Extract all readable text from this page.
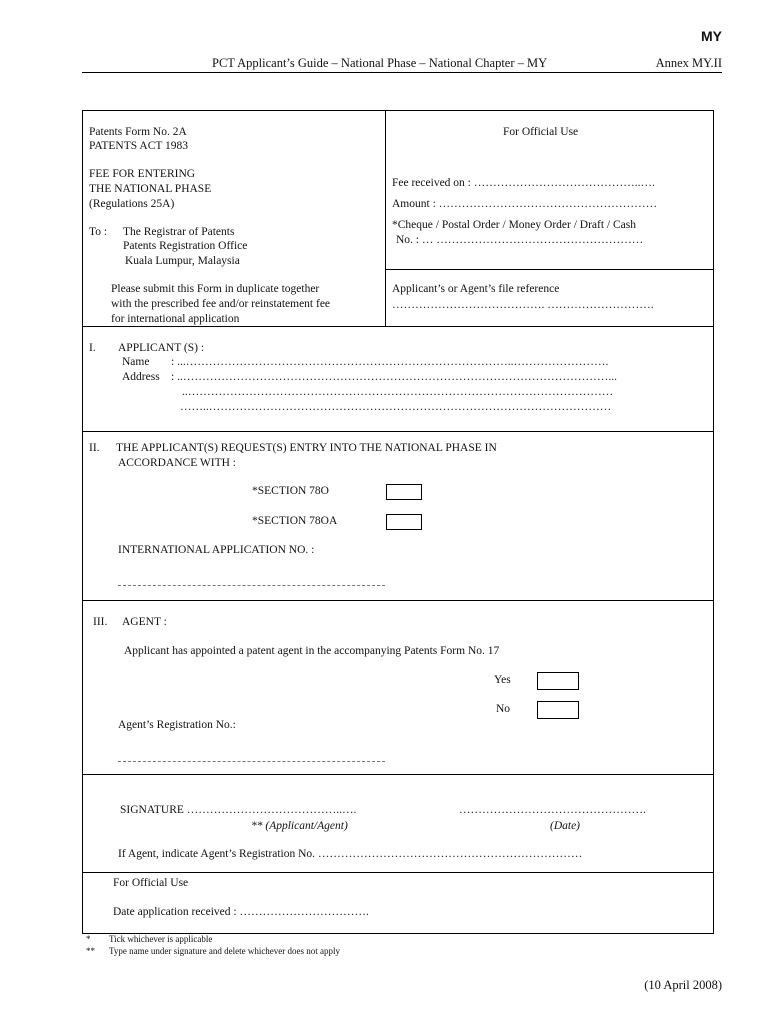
MY
PCT Applicant’s Guide – National Phase – National Chapter – MY	Annex MY.II
Patents Form No. 2A
PATENTS ACT 1983
FEE FOR ENTERING
THE NATIONAL PHASE
(Regulations 25A)
To : The Registrar of Patents
Patents Registration Office
Kuala Lumpur, Malaysia
For Official Use
Fee received on : ……………………………………..….
Amount : …………………………………………………
*Cheque / Postal Order / Money Order / Draft / Cash
No. : … ………………………………………………
Please submit this Form in duplicate together
with the prescribed fee and/or reinstatement fee
for international application
Applicant’s or Agent’s file reference
…………………………………. ……………………….
I. APPLICANT (S) :
Name : ...…………………………………………………………………………..…………………….
Address : ..…………………………………………………………………………………………………...
..…………………………………………………………………………………………………
……..……………………………………………………………………………………………
II. THE APPLICANT(S) REQUEST(S) ENTRY INTO THE NATIONAL PHASE IN
ACCORDANCE WITH :
*SECTION 78O
*SECTION 78OA
INTERNATIONAL APPLICATION NO. :
III. AGENT :
Applicant has appointed a patent agent in the accompanying Patents Form No. 17
Yes
No
Agent’s Registration No.:
SIGNATURE …………………………………..….	………………………………………….
** (Applicant/Agent)	(Date)
If Agent, indicate Agent’s Registration No. ……………………………………………………………
For Official Use
Date application received : …………………………….
* Tick whichever is applicable
** Type name under signature and delete whichever does not apply
(10 April 2008)
